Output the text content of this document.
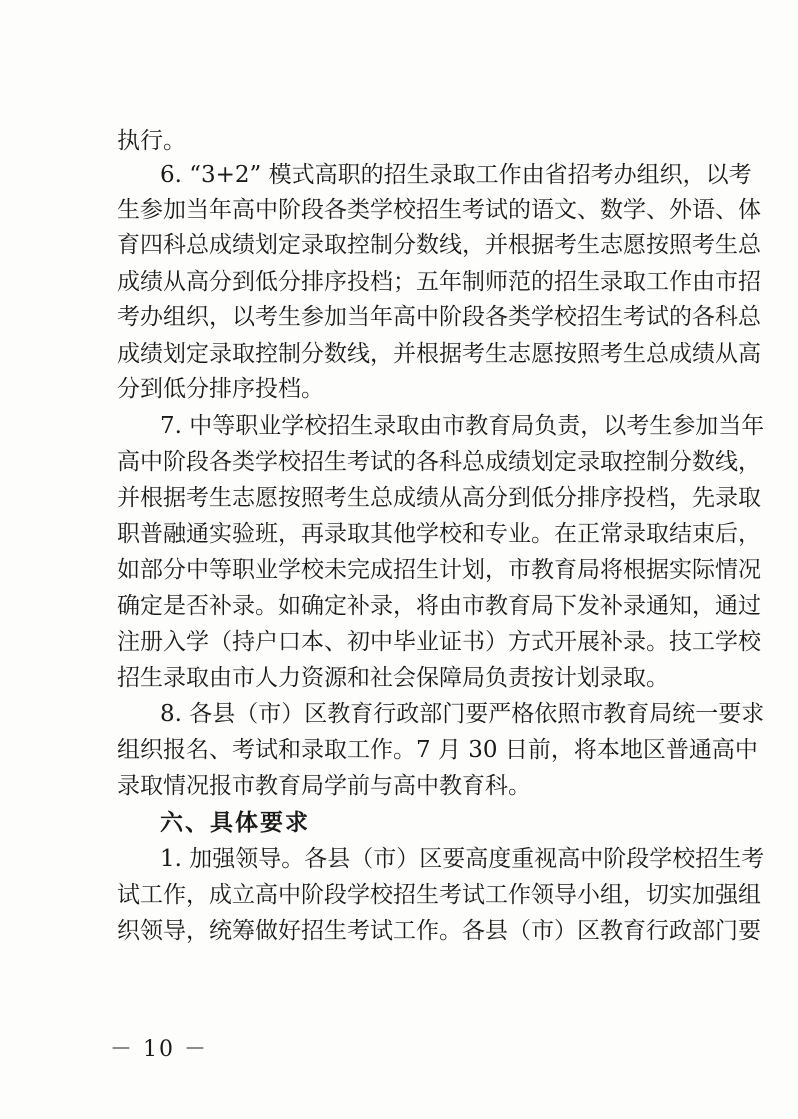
执行。
6. “3+2” 模式高职的招生录取工作由省招考办组织，以考
生参加当年高中阶段各类学校招生考试的语文、数学、外语、体
育四科总成绩划定录取控制分数线，并根据考生志愿按照考生总
成绩从高分到低分排序投档；五年制师范的招生录取工作由市招
考办组织，以考生参加当年高中阶段各类学校招生考试的各科总
成绩划定录取控制分数线，并根据考生志愿按照考生总成绩从高
分到低分排序投档。
7. 中等职业学校招生录取由市教育局负责，以考生参加当年
高中阶段各类学校招生考试的各科总成绩划定录取控制分数线，
并根据考生志愿按照考生总成绩从高分到低分排序投档，先录取
职普融通实验班，再录取其他学校和专业。在正常录取结束后，
如部分中等职业学校未完成招生计划，市教育局将根据实际情况
确定是否补录。如确定补录，将由市教育局下发补录通知，通过
注册入学（持户口本、初中毕业证书）方式开展补录。技工学校
招生录取由市人力资源和社会保障局负责按计划录取。
8. 各县（市）区教育行政部门要严格依照市教育局统一要求
组织报名、考试和录取工作。7 月 30 日前，将本地区普通高中
录取情况报市教育局学前与高中教育科。
六、具体要求
1. 加强领导。各县（市）区要高度重视高中阶段学校招生考
试工作，成立高中阶段学校招生考试工作领导小组，切实加强组
织领导，统筹做好招生考试工作。各县（市）区教育行政部门要
－ 10 －
